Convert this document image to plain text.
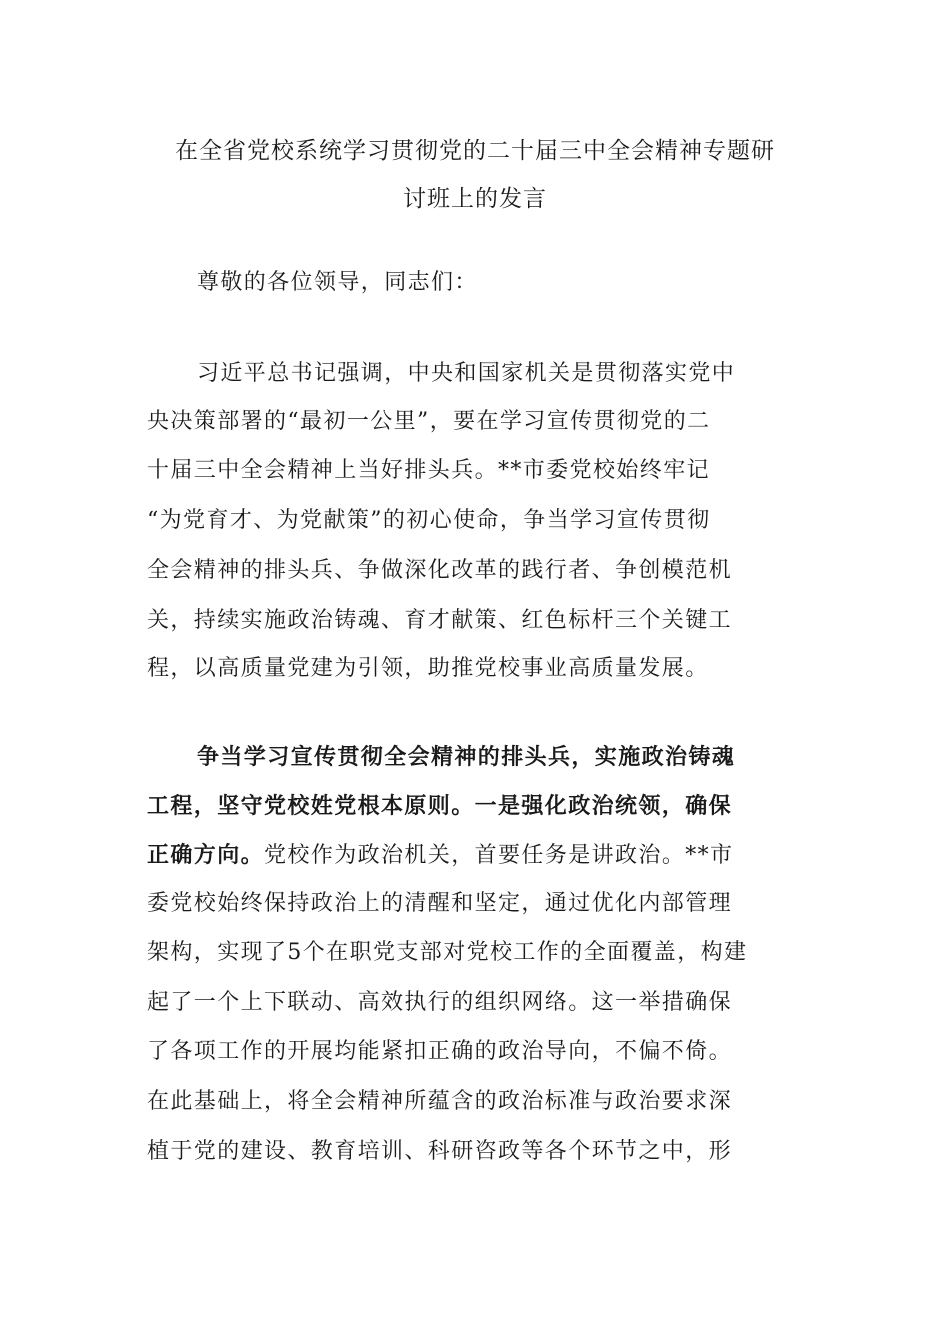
在全省党校系统学习贯彻党的二十届三中全会精神专题研
讨班上的发言
尊敬的各位领导，同志们：
习近平总书记强调，中央和国家机关是贯彻落实党中
央决策部署的“最初一公里”，要在学习宣传贯彻党的二
十届三中全会精神上当好排头兵。**市委党校始终牢记
“为党育才、为党献策”的初心使命，争当学习宣传贯彻
全会精神的排头兵、争做深化改革的践行者、争创模范机
关，持续实施政治铸魂、育才献策、红色标杆三个关键工
程，以高质量党建为引领，助推党校事业高质量发展。
争当学习宣传贯彻全会精神的排头兵，实施政治铸魂
工程，坚守党校姓党根本原则。一是强化政治统领，确保
正确方向。党校作为政治机关，首要任务是讲政治。**市
委党校始终保持政治上的清醒和坚定，通过优化内部管理
架构，实现了5个在职党支部对党校工作的全面覆盖，构建
起了一个上下联动、高效执行的组织网络。这一举措确保
了各项工作的开展均能紧扣正确的政治导向，不偏不倚。
在此基础上，将全会精神所蕴含的政治标准与政治要求深
植于党的建设、教育培训、科研咨政等各个环节之中，形
